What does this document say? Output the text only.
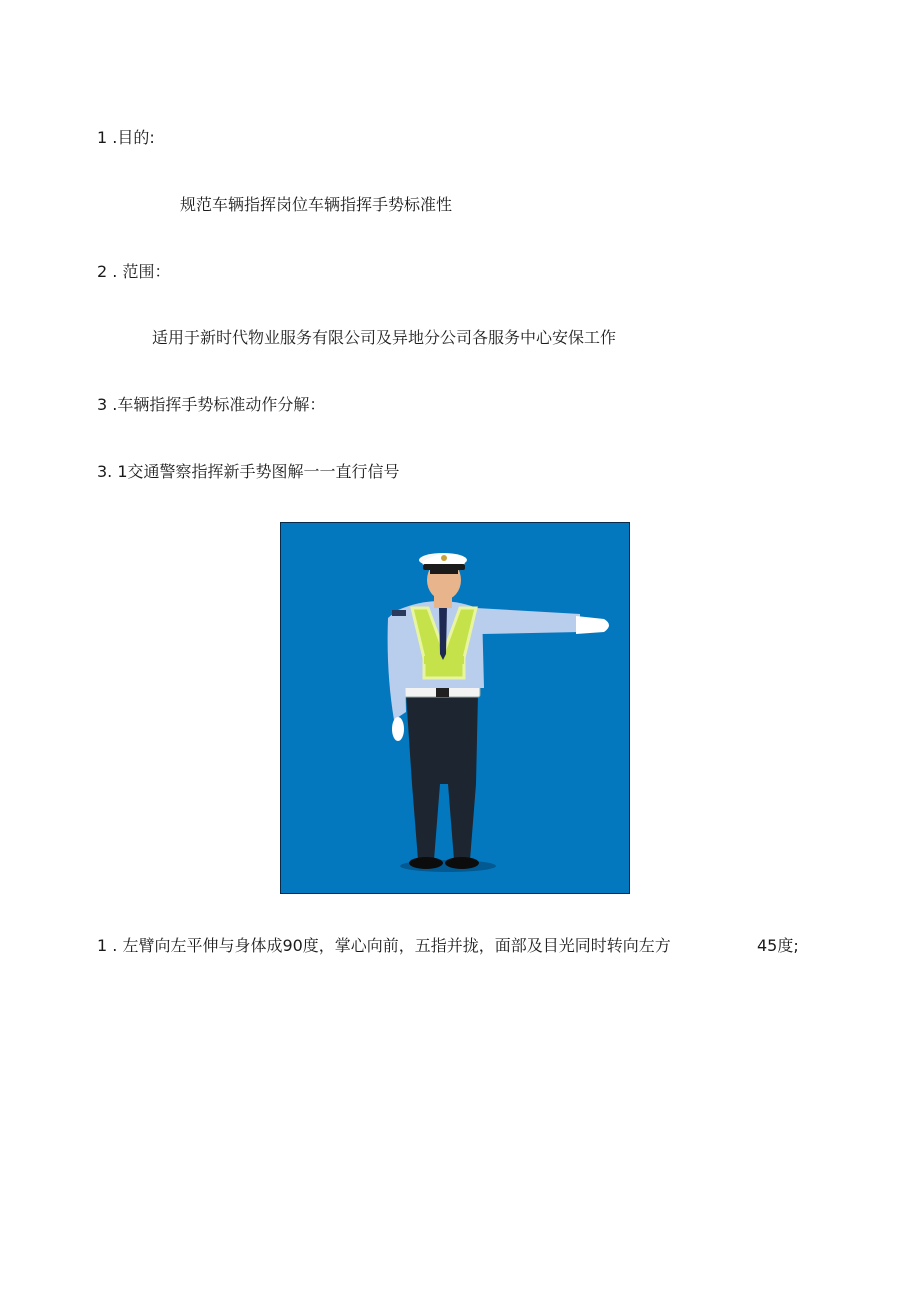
1 .目的:
规范车辆指挥岗位车辆指挥手势标准性
2 . 范围：
适用于新时代物业服务有限公司及异地分公司各服务中心安保工作
3 .车辆指挥手势标准动作分解：
3. 1交通警察指挥新手势图解一一直行信号
1 . 左臂向左平伸与身体成90度，掌心向前，五指并拢，面部及目光同时转向左方	45度;
